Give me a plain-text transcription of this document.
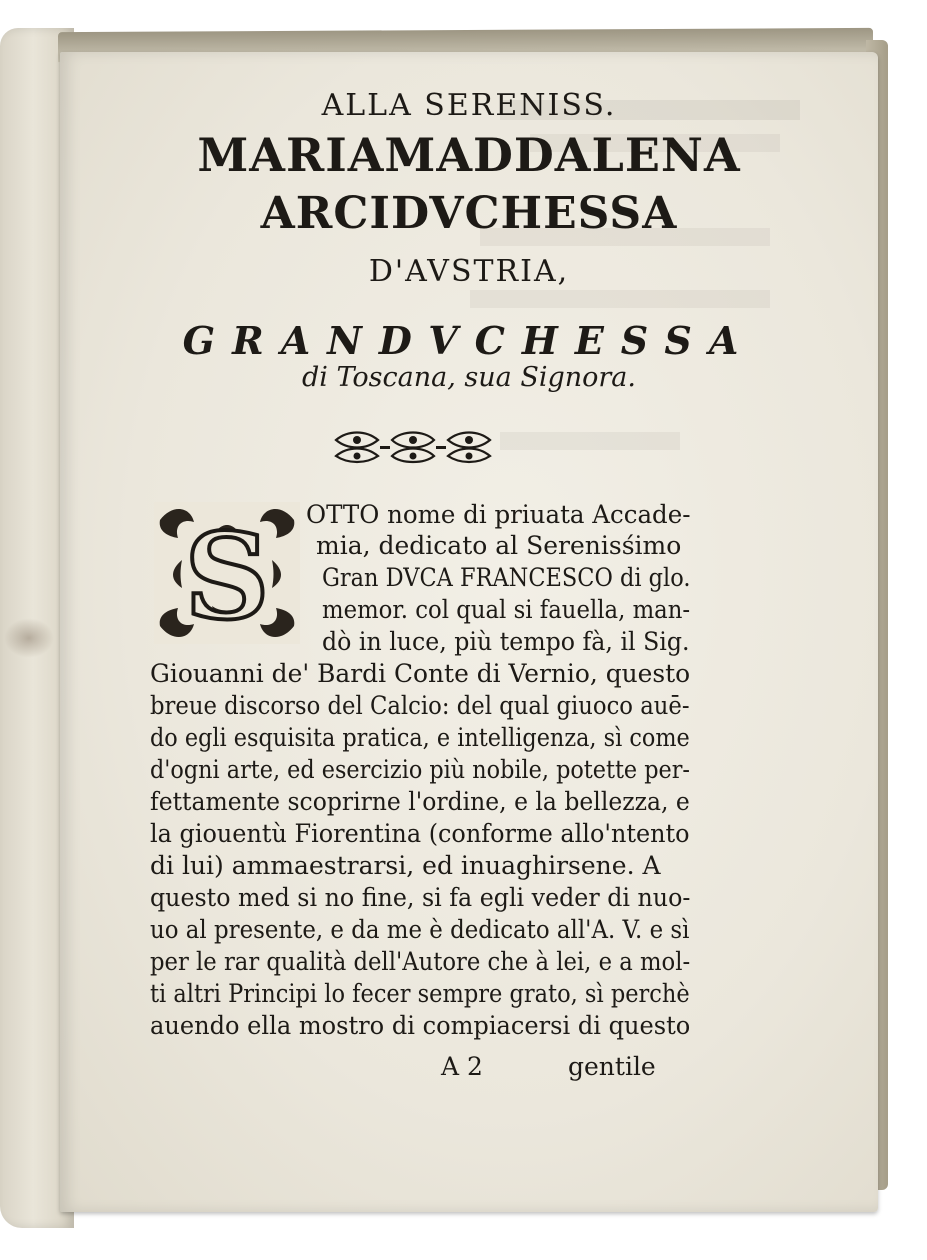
ALLA SERENISS.
MARIAMADDALENA
ARCIDVCHESSA
D'AVSTRIA,
GRANDVCHESSA
di Toscana, sua Signora.
S OTTO nome di priuata Accade-
mia, dedicato al Serenisśimo
Gran DVCA FRANCESCO di glo.
memor. col qual si fauella, man-
dò in luce, più tempo fà, il Sig.
Giouanni de' Bardi Conte di Vernio, questo
breue discorso del Calcio: del qual giuoco auē-
do egli esquisita pratica, e intelligenza, sì come
d'ogni arte, ed esercizio più nobile, potette per-
fettamente scoprirne l'ordine, e la bellezza, e
la giouentù Fiorentina (conforme allo'ntento
di lui) ammaestrarsi, ed inuaghirsene. A
questo med si no fine, si fa egli veder di nuo-
uo al presente, e da me è dedicato all'A. V. e sì
per le rar qualità dell'Autore che à lei, e a mol-
ti altri Principi lo fecer sempre grato, sì perchè
auendo ella mostro di compiacersi di questo
A 2	gentile
